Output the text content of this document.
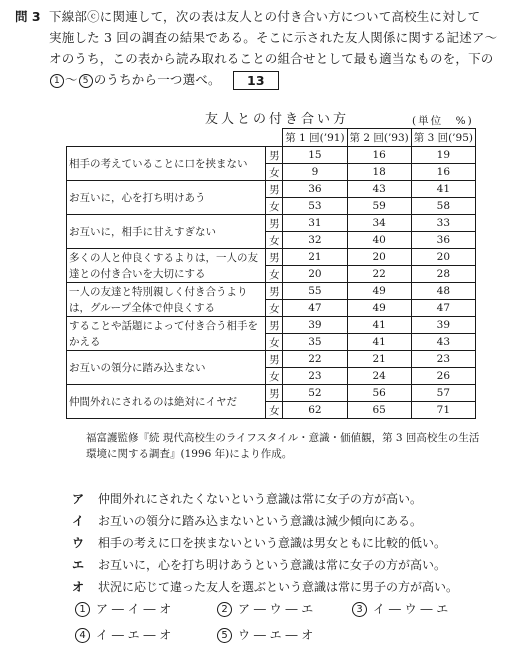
問 3 下線部ⓒに関連して，次の表は友人との付き合い方について高校生に対して
実施した 3 回の調査の結果である。そこに示された友人関係に関する記述ア〜
オのうち，この表から読み取れることの組合せとして最も適当なものを，下の
1 〜 5 のうちから一つ選べ。 13
友人との付き合い方	(単位　%)
		第 1 回(’91)	第 2 回(’93)	第 3 回(’95)
相手の考えていることに口を挟まない	男	15	16	19
	女	9	18	16
お互いに，心を打ち明けあう	男	36	43	41
	女	53	59	58
お互いに，相手に甘えすぎない	男	31	34	33
	女	32	40	36
多くの人と仲良くするよりは，一人の友達との付き合いを大切にする	男	21	20	20
	女	20	22	28
一人の友達と特別親しく付き合うよりは，グループ全体で仲良くする	男	55	49	48
	女	47	49	47
することや話題によって付き合う相手をかえる	男	39	41	39
	女	35	41	43
お互いの領分に踏み込まない	男	22	21	23
	女	23	24	26
仲間外れにされるのは絶対にイヤだ	男	52	56	57
	女	62	65	71
福富護監修『続 現代高校生のライフスタイル・意識・価値観，第 3 回高校生の生活環境に関する調査』(1996 年)により作成。
ア 仲間外れにされたくないという意識は常に女子の方が高い。
イ お互いの領分に踏み込まないという意識は減少傾向にある。
ウ 相手の考えに口を挟まないという意識は男女ともに比較的低い。
エ お互いに，心を打ち明けあうという意識は常に女子の方が高い。
オ 状況に応じて違った友人を選ぶという意識は常に男子の方が高い。
1 ア ― イ ― オ	2 ア ― ウ ― エ	3 イ ― ウ ― エ
4 イ ― エ ― オ	5 ウ ― エ ― オ
